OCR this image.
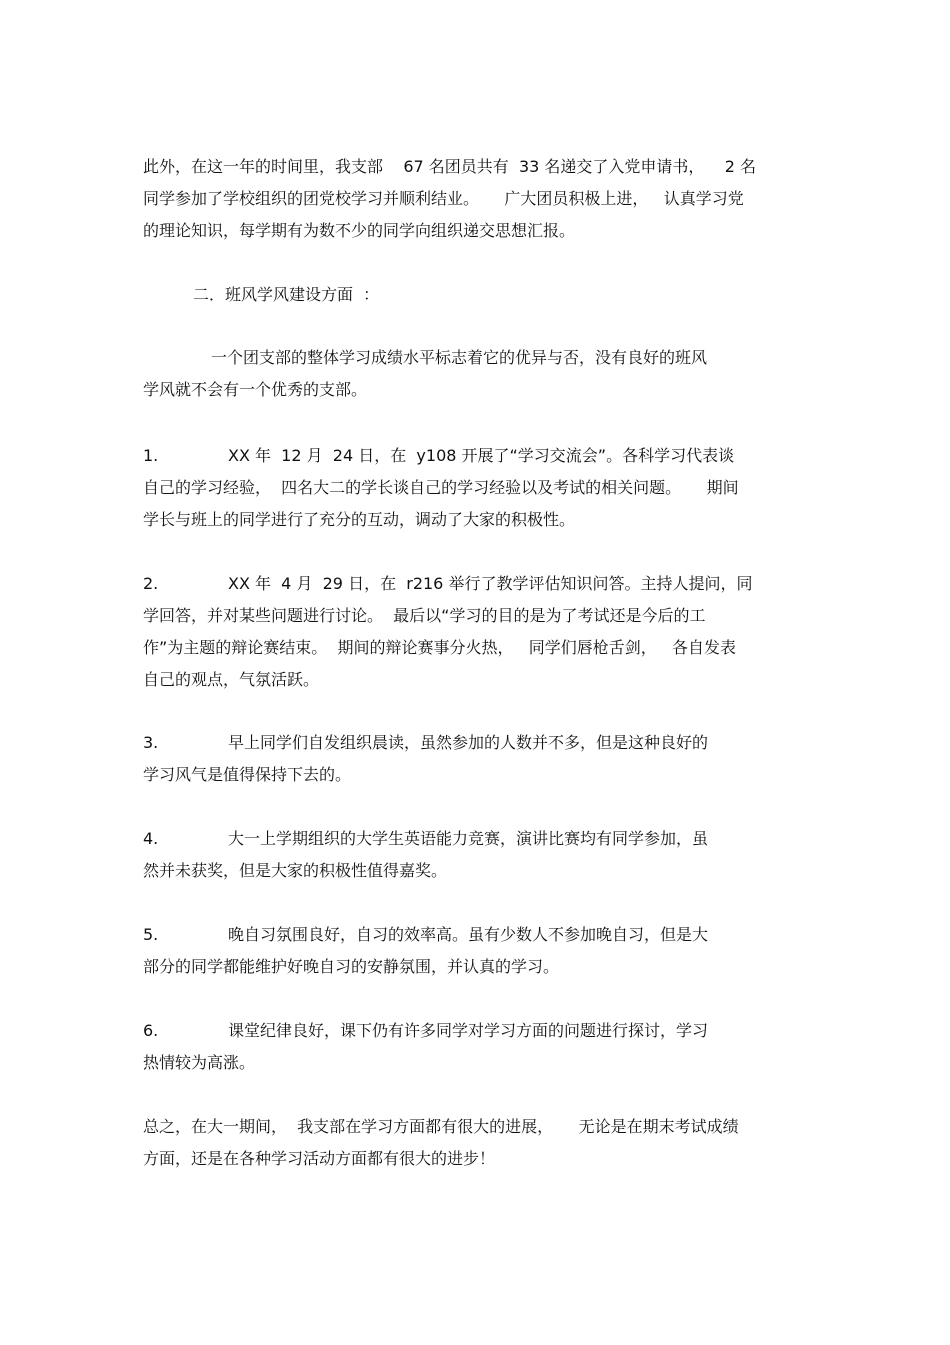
此外，在这一年的时间里，我支部    67 名团员共有  33 名递交了入党申请书，    2 名
同学参加了学校组织的团党校学习并顺利结业。     广大团员积极上进，   认真学习党
的理论知识，每学期有为数不少的同学向组织递交思想汇报。
二．班风学风建设方面  ：
一个团支部的整体学习成绩水平标志着它的优异与否，没有良好的班风
学风就不会有一个优秀的支部。
1.	XX 年  12 月  24 日，在  y108 开展了“学习交流会”。各科学习代表谈
自己的学习经验，  四名大二的学长谈自己的学习经验以及考试的相关问题。     期间
学长与班上的同学进行了充分的互动，调动了大家的积极性。
2.	XX 年  4 月  29 日，在  r216 举行了教学评估知识问答。主持人提问，同
学回答，并对某些问题进行讨论。  最后以“学习的目的是为了考试还是今后的工
作”为主题的辩论赛结束。  期间的辩论赛事分火热，   同学们唇枪舌剑，   各自发表
自己的观点，气氛活跃。
3.	早上同学们自发组织晨读，虽然参加的人数并不多，但是这种良好的
学习风气是值得保持下去的。
4.	大一上学期组织的大学生英语能力竞赛，演讲比赛均有同学参加，虽
然并未获奖，但是大家的积极性值得嘉奖。
5.	晚自习氛围良好，自习的效率高。虽有少数人不参加晚自习，但是大
部分的同学都能维护好晚自习的安静氛围，并认真的学习。
6.	课堂纪律良好，课下仍有许多同学对学习方面的问题进行探讨，学习
热情较为高涨。
总之，在大一期间，  我支部在学习方面都有很大的进展，     无论是在期末考试成绩
方面，还是在各种学习活动方面都有很大的进步！
